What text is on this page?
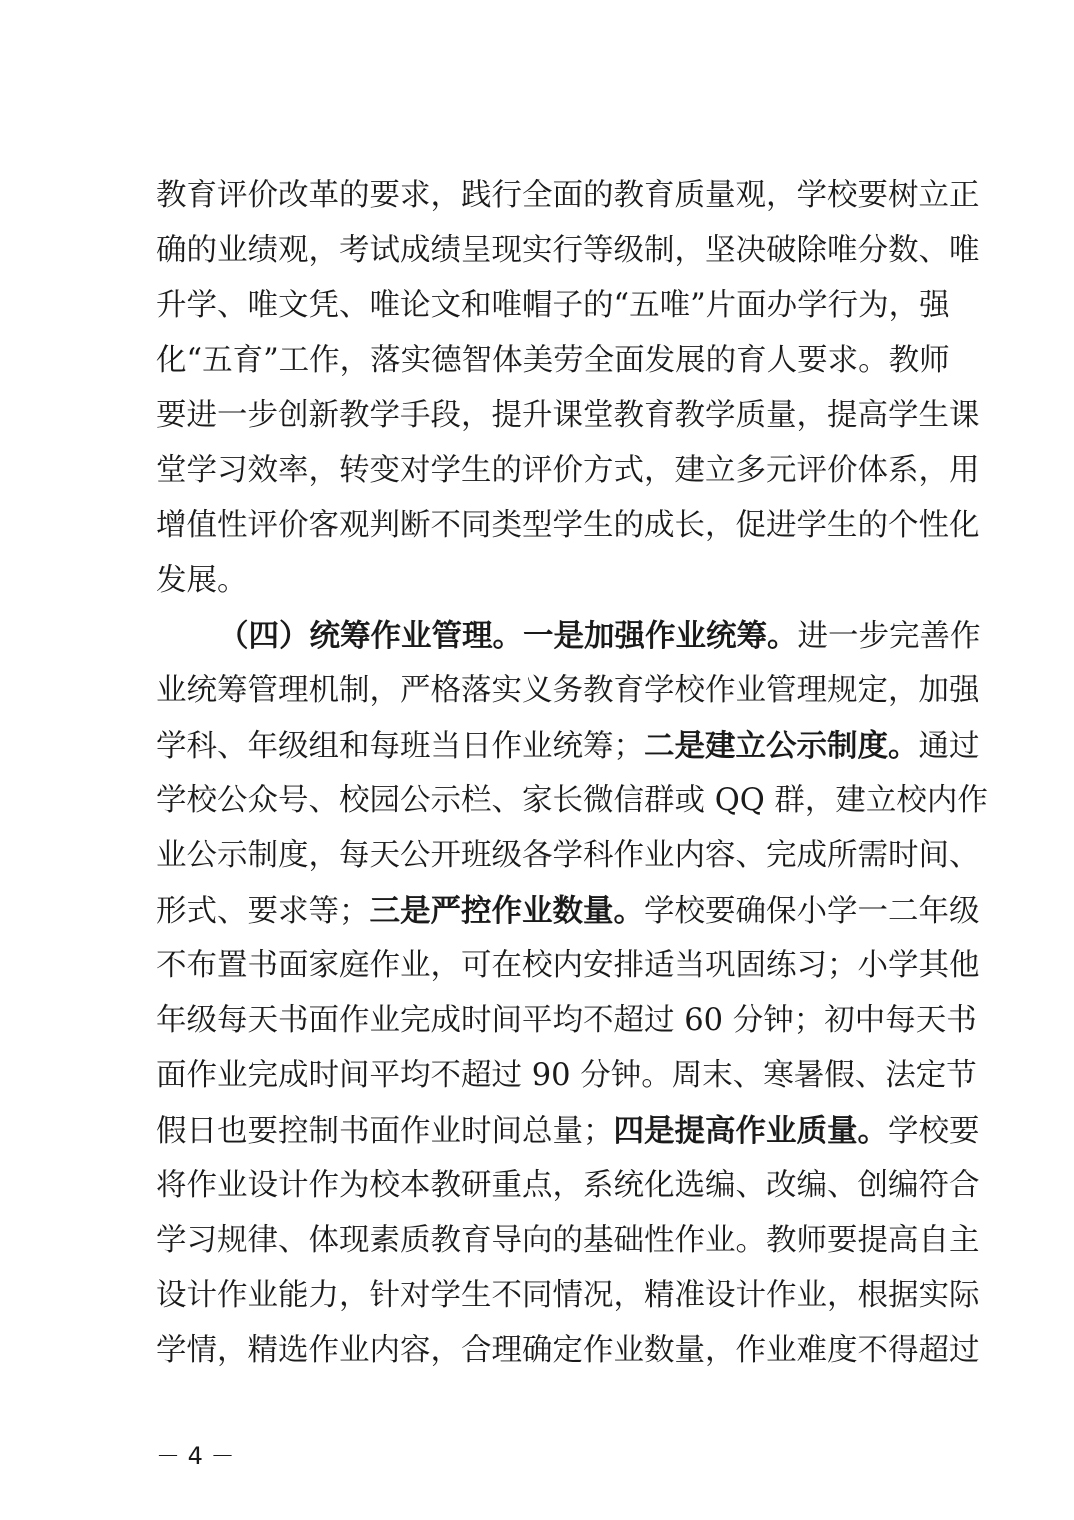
教育评价改革的要求，践行全面的教育质量观，学校要树立正
确的业绩观，考试成绩呈现实行等级制，坚决破除唯分数、唯
升学、唯文凭、唯论文和唯帽子的“五唯”片面办学行为，强
化“五育”工作，落实德智体美劳全面发展的育人要求。教师
要进一步创新教学手段，提升课堂教育教学质量，提高学生课
堂学习效率，转变对学生的评价方式，建立多元评价体系，用
增值性评价客观判断不同类型学生的成长，促进学生的个性化
发展。
（四）统筹作业管理。一是加强作业统筹。进一步完善作
业统筹管理机制，严格落实义务教育学校作业管理规定，加强
学科、年级组和每班当日作业统筹；二是建立公示制度。通过
学校公众号、校园公示栏、家长微信群或 QQ 群，建立校内作
业公示制度，每天公开班级各学科作业内容、完成所需时间、
形式、要求等；三是严控作业数量。学校要确保小学一二年级
不布置书面家庭作业，可在校内安排适当巩固练习；小学其他
年级每天书面作业完成时间平均不超过 60 分钟；初中每天书
面作业完成时间平均不超过 90 分钟。周末、寒暑假、法定节
假日也要控制书面作业时间总量；四是提高作业质量。学校要
将作业设计作为校本教研重点，系统化选编、改编、创编符合
学习规律、体现素质教育导向的基础性作业。教师要提高自主
设计作业能力，针对学生不同情况，精准设计作业，根据实际
学情，精选作业内容，合理确定作业数量，作业难度不得超过
－ 4 －
